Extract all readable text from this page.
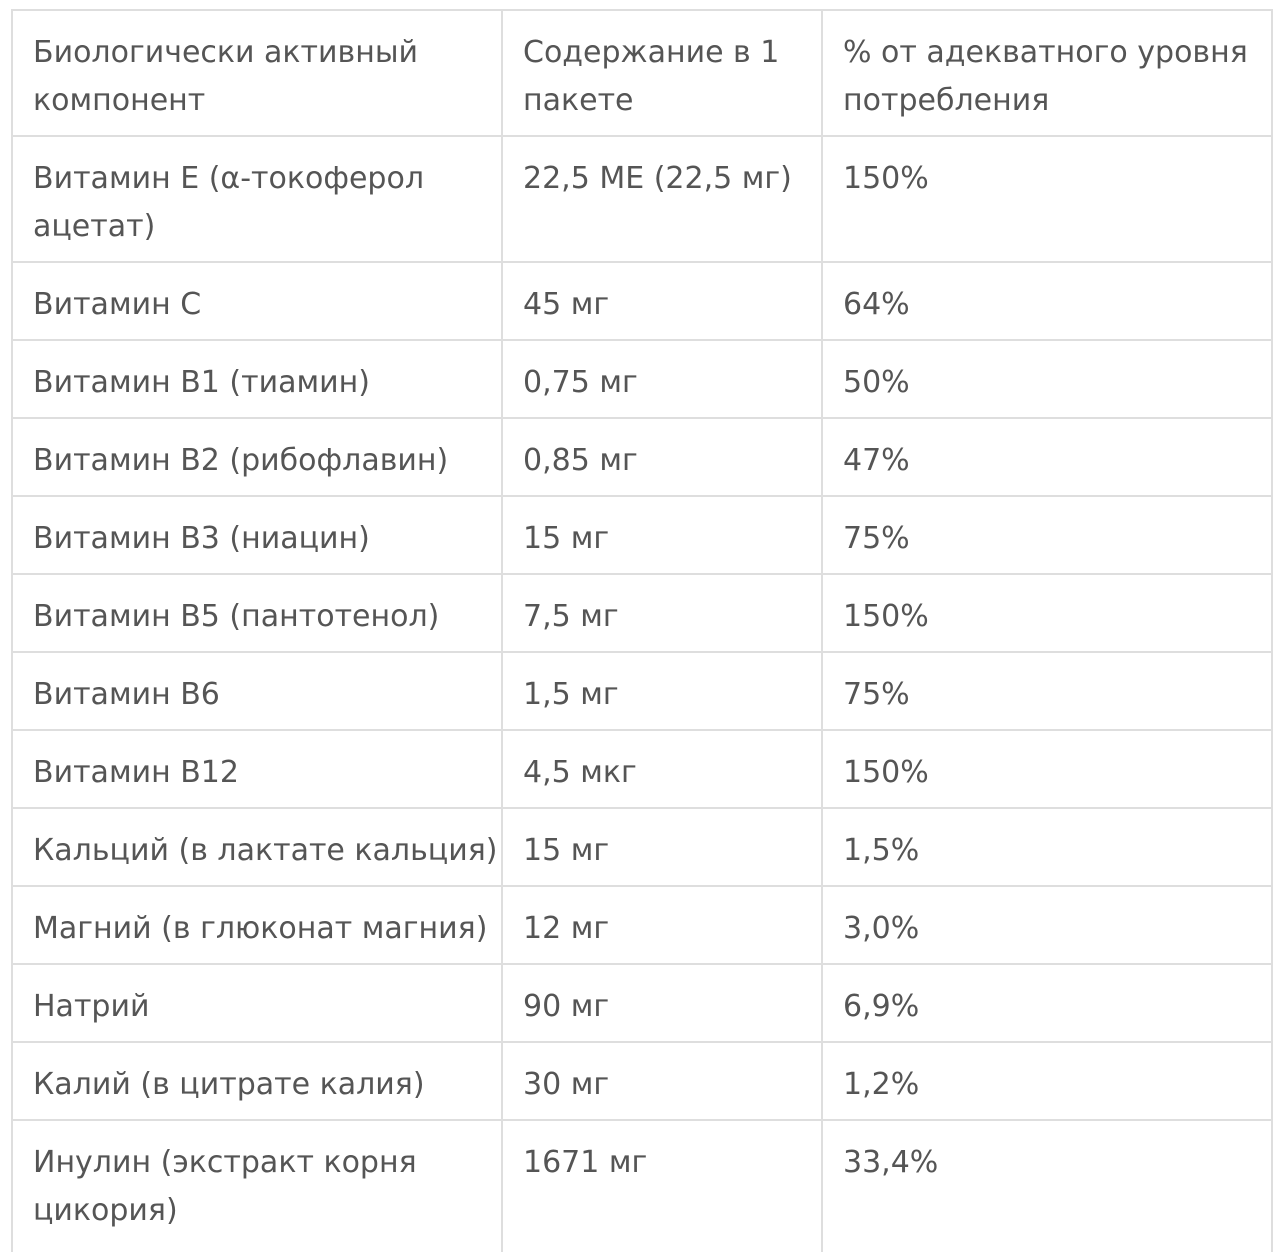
Биологически активный компонент	Содержание в 1 пакете	% от адекватного уровня потребления
Витамин Е (α-токоферол ацетат)	22,5 МЕ (22,5 мг)	150%
Витамин С	45 мг	64%
Витамин В1 (тиамин)	0,75 мг	50%
Витамин В2 (рибофлавин)	0,85 мг	47%
Витамин В3 (ниацин)	15 мг	75%
Витамин В5 (пантотенол)	7,5 мг	150%
Витамин В6	1,5 мг	75%
Витамин В12	4,5 мкг	150%
Кальций (в лактате кальция)	15 мг	1,5%
Магний (в глюконат магния)	12 мг	3,0%
Натрий	90 мг	6,9%
Калий (в цитрате калия)	30 мг	1,2%
Инулин (экстракт корня цикория)	1671 мг	33,4%
